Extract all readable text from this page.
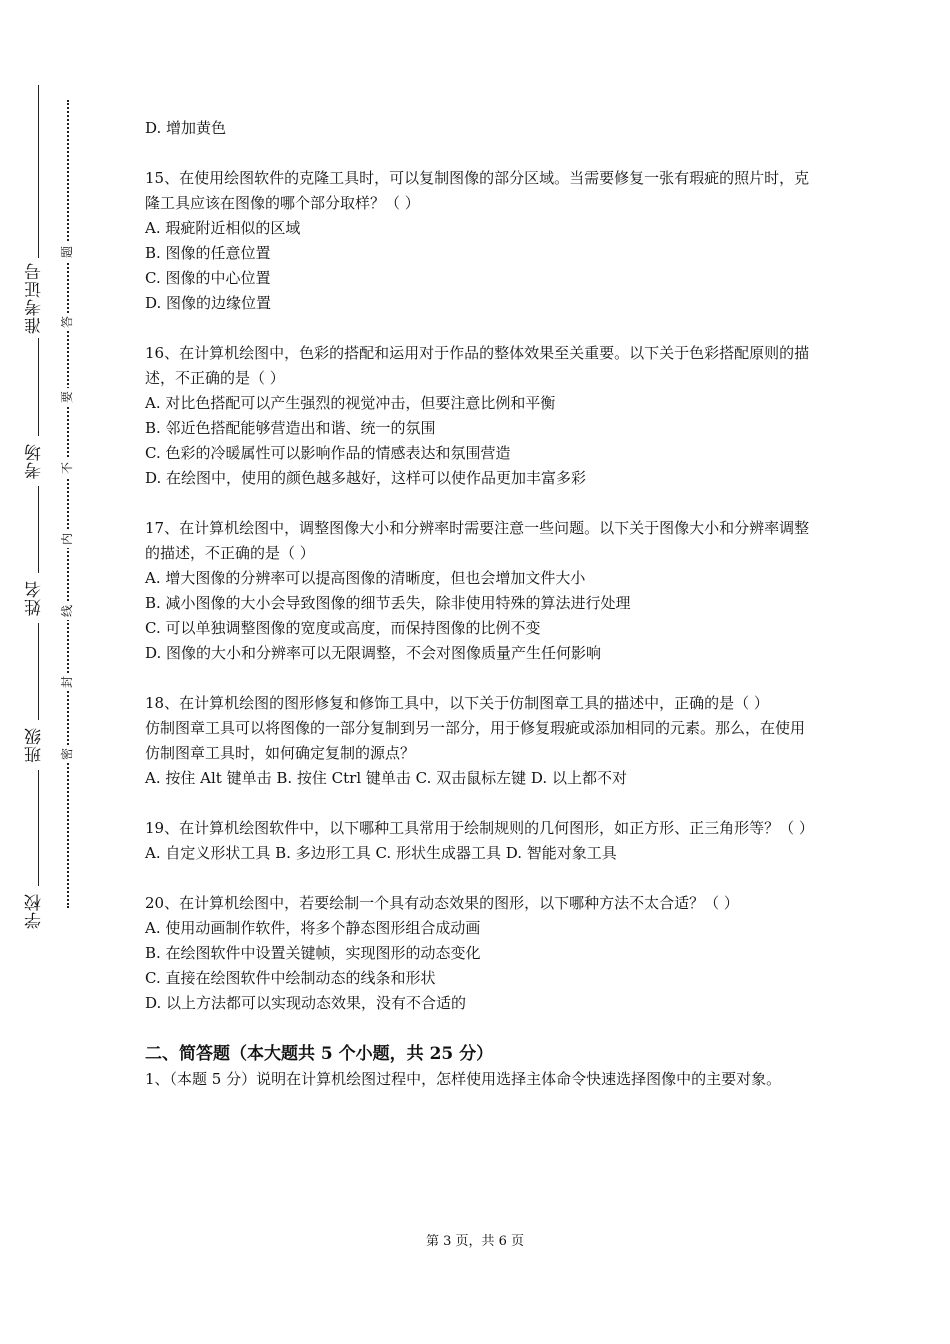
准考证号
考场
姓名
班级
学校
题
答
要
不
内
线
封
密

D. 增加黄色

15、在使用绘图软件的克隆工具时，可以复制图像的部分区域。当需要修复一张有瑕疵的照片时，克隆工具应该在图像的哪个部分取样？（ ）

A. 瑕疵附近相似的区域

B. 图像的任意位置

C. 图像的中心位置

D. 图像的边缘位置

16、在计算机绘图中，色彩的搭配和运用对于作品的整体效果至关重要。以下关于色彩搭配原则的描述，不正确的是（ ）

A. 对比色搭配可以产生强烈的视觉冲击，但要注意比例和平衡

B. 邻近色搭配能够营造出和谐、统一的氛围

C. 色彩的冷暖属性可以影响作品的情感表达和氛围营造

D. 在绘图中，使用的颜色越多越好，这样可以使作品更加丰富多彩

17、在计算机绘图中，调整图像大小和分辨率时需要注意一些问题。以下关于图像大小和分辨率调整的描述，不正确的是（ ）

A. 增大图像的分辨率可以提高图像的清晰度，但也会增加文件大小

B. 减小图像的大小会导致图像的细节丢失，除非使用特殊的算法进行处理

C. 可以单独调整图像的宽度或高度，而保持图像的比例不变

D. 图像的大小和分辨率可以无限调整，不会对图像质量产生任何影响

18、在计算机绘图的图形修复和修饰工具中，以下关于仿制图章工具的描述中，正确的是（ ）

仿制图章工具可以将图像的一部分复制到另一部分，用于修复瑕疵或添加相同的元素。那么，在使用仿制图章工具时，如何确定复制的源点？

A. 按住 Alt 键单击 B. 按住 Ctrl 键单击 C. 双击鼠标左键 D. 以上都不对

19、在计算机绘图软件中，以下哪种工具常用于绘制规则的几何图形，如正方形、正三角形等？（ ）

A. 自定义形状工具 B. 多边形工具 C. 形状生成器工具 D. 智能对象工具

20、在计算机绘图中，若要绘制一个具有动态效果的图形，以下哪种方法不太合适？（ ）

A. 使用动画制作软件，将多个静态图形组合成动画

B. 在绘图软件中设置关键帧，实现图形的动态变化

C. 直接在绘图软件中绘制动态的线条和形状

D. 以上方法都可以实现动态效果，没有不合适的

二、简答题（本大题共 5 个小题，共 25 分）

1、（本题 5 分）说明在计算机绘图过程中，怎样使用选择主体命令快速选择图像中的主要对象。

第 3 页，共 6 页
